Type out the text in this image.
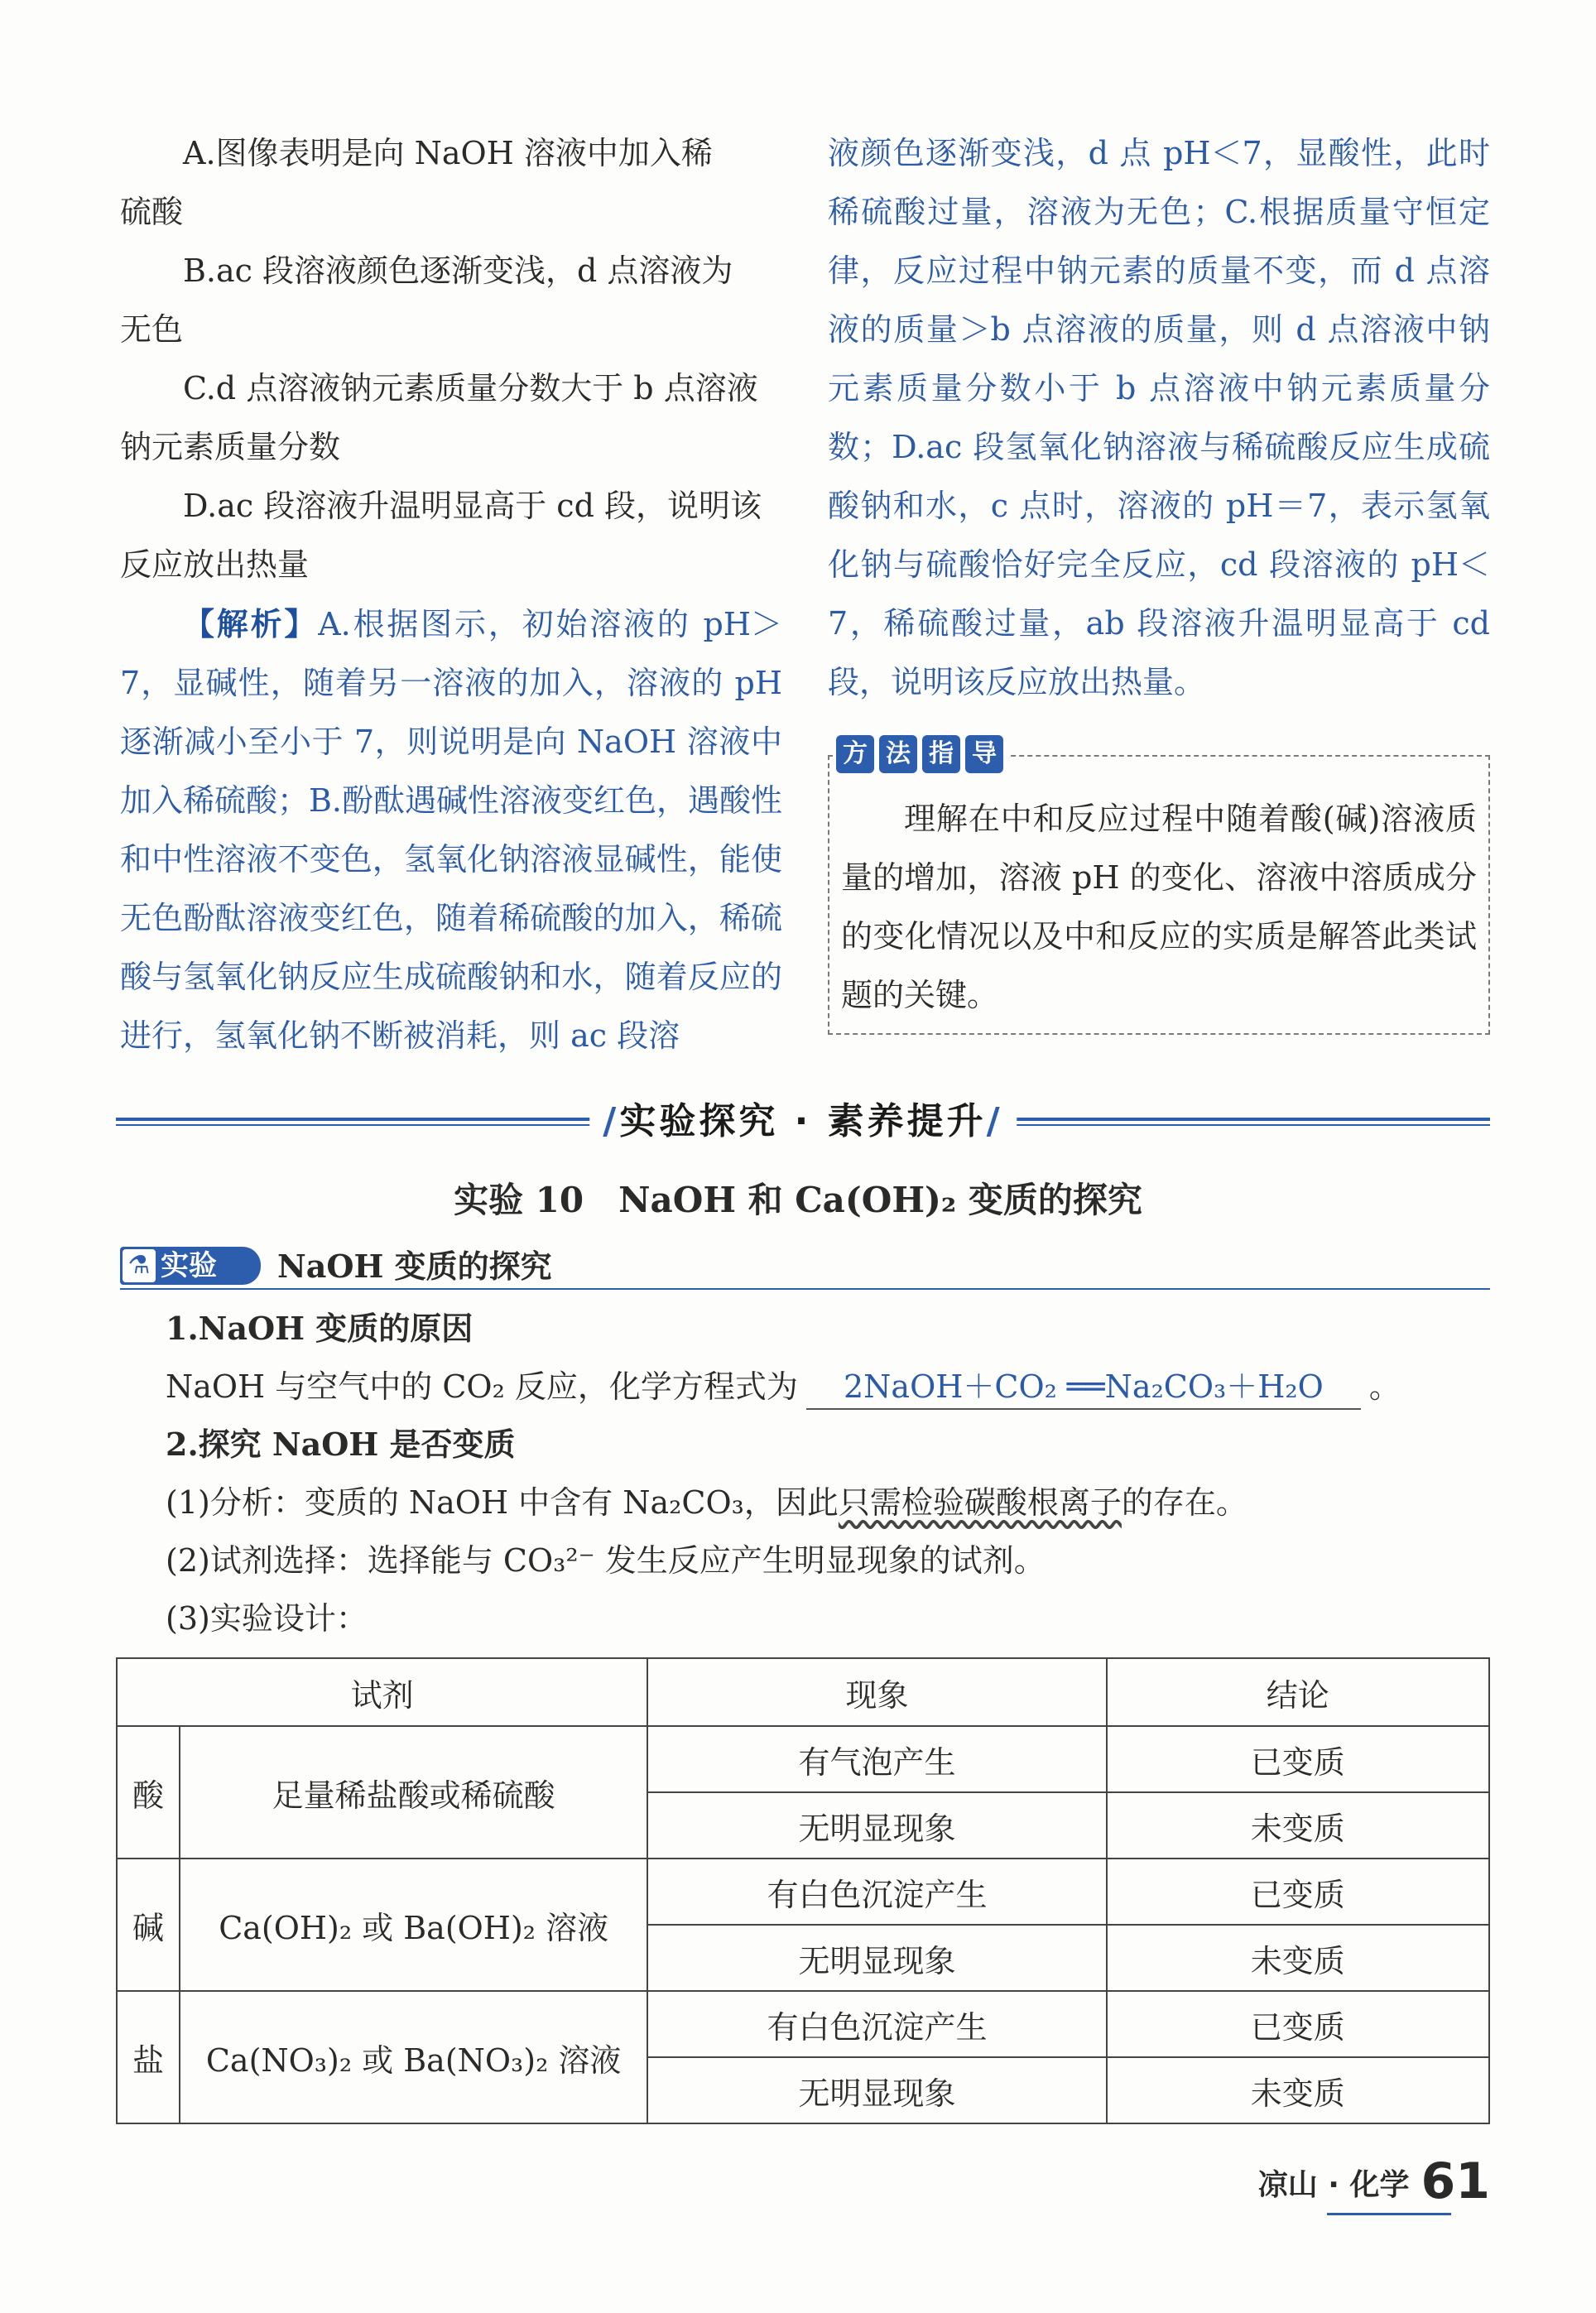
A.图像表明是向 NaOH 溶液中加入稀

硫酸

B.ac 段溶液颜色逐渐变浅，d 点溶液为

无色

C.d 点溶液钠元素质量分数大于 b 点溶液

钠元素质量分数

D.ac 段溶液升温明显高于 cd 段，说明该

反应放出热量

【解析】A.根据图示，初始溶液的 pH＞7，显碱性，随着另一溶液的加入，溶液的 pH 逐渐减小至小于 7，则说明是向 NaOH 溶液中加入稀硫酸；B.酚酞遇碱性溶液变红色，遇酸性和中性溶液不变色，氢氧化钠溶液显碱性，能使无色酚酞溶液变红色，随着稀硫酸的加入，稀硫酸与氢氧化钠反应生成硫酸钠和水，随着反应的进行，氢氧化钠不断被消耗，则 ac 段溶

液颜色逐渐变浅，d 点 pH＜7，显酸性，此时稀硫酸过量，溶液为无色；C.根据质量守恒定律，反应过程中钠元素的质量不变，而 d 点溶液的质量＞b 点溶液的质量，则 d 点溶液中钠元素质量分数小于 b 点溶液中钠元素质量分数；D.ac 段氢氧化钠溶液与稀硫酸反应生成硫酸钠和水，c 点时，溶液的 pH＝7，表示氢氧化钠与硫酸恰好完全反应，cd 段溶液的 pH＜7，稀硫酸过量，ab 段溶液升温明显高于 cd 段，说明该反应放出热量。

方 法 指 导

理解在中和反应过程中随着酸(碱)溶液质量的增加，溶液 pH 的变化、溶液中溶质成分的变化情况以及中和反应的实质是解答此类试题的关键。

/实验探究 · 素养提升/
实验 10　NaOH 和 Ca(OH)₂ 变质的探究
⚗ 实验	NaOH 变质的探究

1.NaOH 变质的原因

NaOH 与空气中的 CO₂ 反应，化学方程式为 2NaOH＋CO₂ ══Na₂CO₃＋H₂O 。

2.探究 NaOH 是否变质

(1)分析：变质的 NaOH 中含有 Na₂CO₃，因此只需检验碳酸根离子的存在。

(2)试剂选择：选择能与 CO₃²⁻ 发生反应产生明显现象的试剂。

(3)实验设计：

试剂		现象	结论
酸	足量稀盐酸或稀硫酸	有气泡产生	已变质
		无明显现象	未变质
碱	Ca(OH)₂ 或 Ba(OH)₂ 溶液	有白色沉淀产生	已变质
		无明显现象	未变质
盐	Ca(NO₃)₂ 或 Ba(NO₃)₂ 溶液	有白色沉淀产生	已变质
		无明显现象	未变质
凉山 · 化学 61
